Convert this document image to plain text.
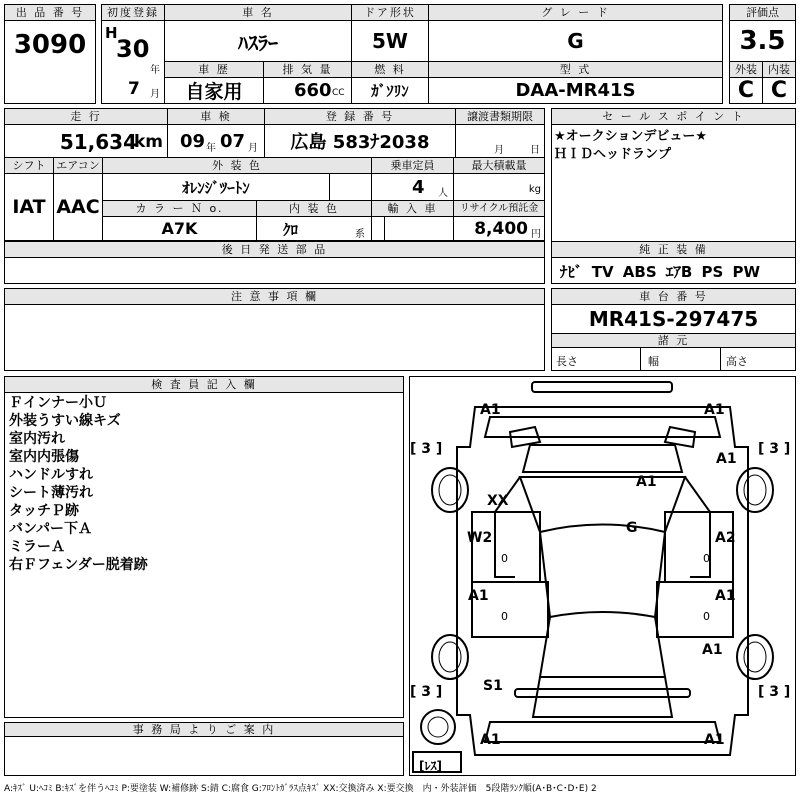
出 品 番 号
3090
初度登録
H
30
年
7 月
車 名
ﾊｽﾗｰ
ドア形状
5W
グ レ ー ド
G
評価点
3.5
車 歴
自家用
排 気 量
660 CC
燃 料
ｶﾞｿﾘﾝ
型 式
DAA-MR41S
外装	内装
C C
走 行
51,634
km
車 検
09 年 07 月
登 録 番 号
広島 583ﾅ2038
譲渡書類期限
月	日
セ ー ル ス ポ イ ン ト
★オークションデビュー★
ＨＩＤヘッドランプ
シフト
IAT
エアコン
AAC
外 装 色
ｵﾚﾝｼﾞﾂｰﾄﾝ
乗車定員
4 人
最大積載量
kg
カ ラ ー Ｎ o.
A7K
内 装 色
ｸﾛ	系
輸 入 車	リサイクル預託金
8,400 円
後 日 発 送 部 品	純 正 装 備
ﾅﾋﾞ TV ABS ｴｱB PS PW
注 意 事 項 欄	車 台 番 号
MR41S-297475
諸 元
長さ	幅	高さ
検 査 員 記 入 欄
Ｆインナー小Ｕ
外装うすい線キズ
室内汚れ
室内内張傷
ハンドルすれ
シート薄汚れ
タッチＰ跡
バンパー下Ａ
ミラーＡ
右Ｆフェンダー脱着跡
事 務 局 よ り ご 案 内
A1	A1
A1
A1
XX
G
W2	A2
A1	A1
A1
S1
A1	A1
0	0
0	0
[ 3 ]	[ 3 ]
[ 3 ]	[ 3 ]
[ﾚｽ]
A:ｷｽﾞ U:ﾍｺﾐ B:ｷｽﾞを伴うﾍｺﾐ P:要塗装 W:補修跡 S:錆 C:腐食 G:ﾌﾛﾝﾄｶﾞﾗｽ点ｷｽﾞ XX:交換済み X:要交換　内・外装評価　5段階ﾗﾝｸ順(A･B･C･D･E) 2
